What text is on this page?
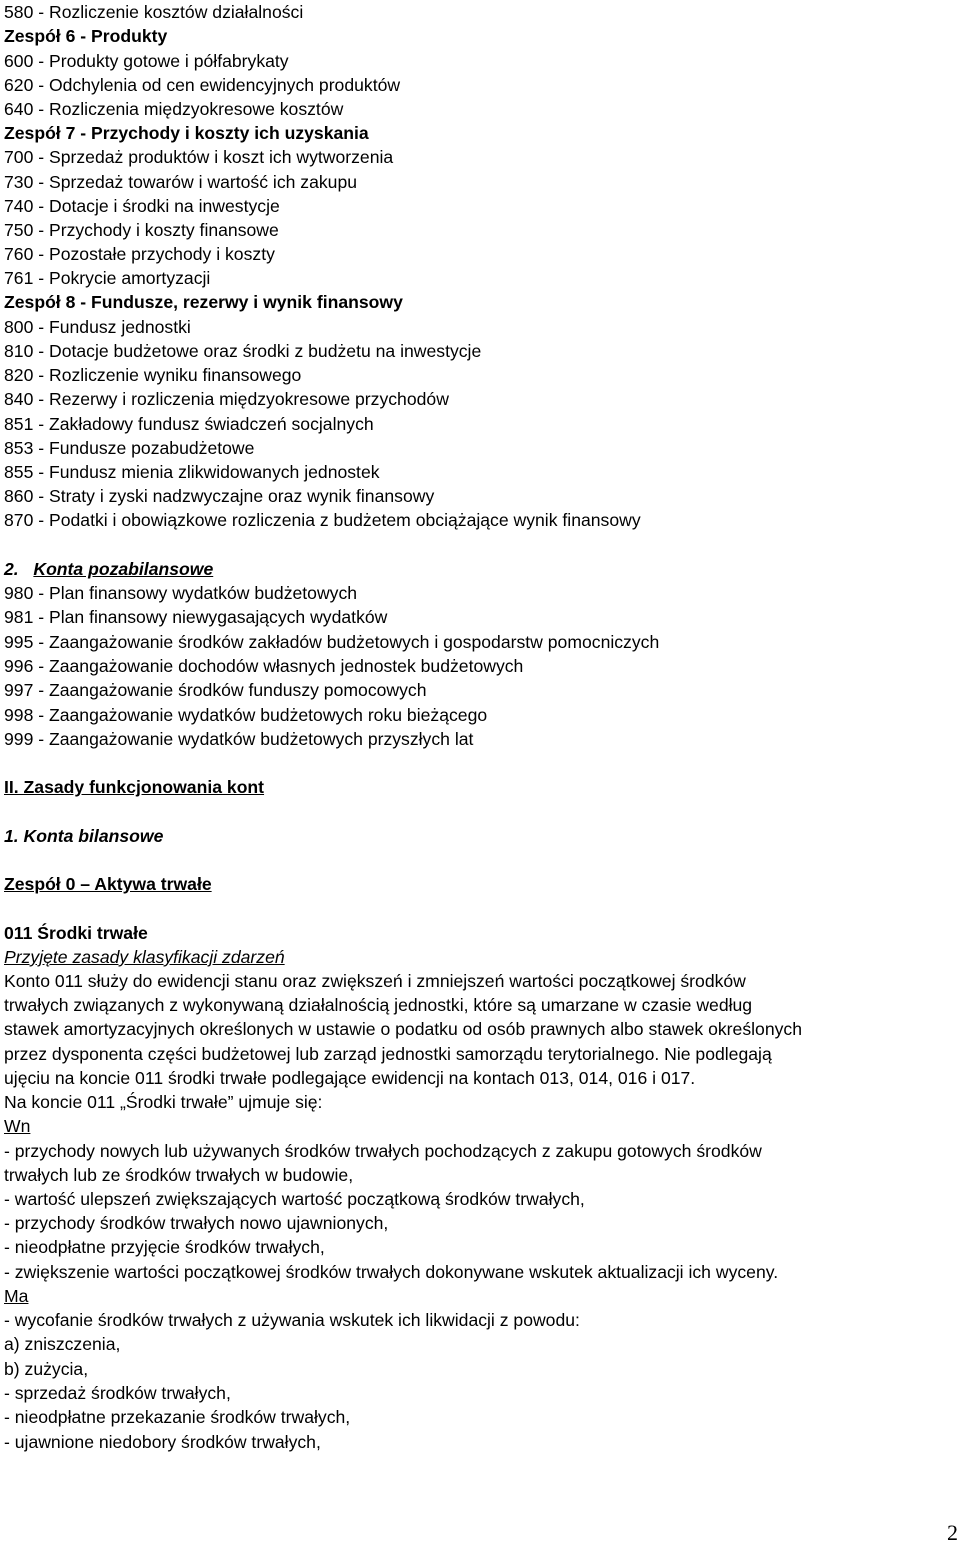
580 - Rozliczenie kosztów działalności
Zespół 6 - Produkty
600 - Produkty gotowe i półfabrykaty
620 - Odchylenia od cen ewidencyjnych produktów
640 - Rozliczenia międzyokresowe kosztów
Zespół 7 - Przychody i koszty ich uzyskania
700 - Sprzedaż produktów i koszt ich wytworzenia
730 - Sprzedaż towarów i wartość ich zakupu
740 - Dotacje i środki na inwestycje
750 - Przychody i koszty finansowe
760 - Pozostałe przychody i koszty
761 - Pokrycie amortyzacji
Zespół 8 - Fundusze, rezerwy i wynik finansowy
800 - Fundusz jednostki
810 - Dotacje budżetowe oraz środki z budżetu na inwestycje
820 - Rozliczenie wyniku finansowego
840 - Rezerwy i rozliczenia międzyokresowe przychodów
851 - Zakładowy fundusz świadczeń socjalnych
853 - Fundusze pozabudżetowe
855 - Fundusz mienia zlikwidowanych jednostek
860 - Straty i zyski nadzwyczajne oraz wynik finansowy
870 - Podatki i obowiązkowe rozliczenia z budżetem obciążające wynik finansowy
2. Konta pozabilansowe
980 - Plan finansowy wydatków budżetowych
981 - Plan finansowy niewygasających wydatków
995 - Zaangażowanie środków zakładów budżetowych i gospodarstw pomocniczych
996 - Zaangażowanie dochodów własnych jednostek budżetowych
997 - Zaangażowanie środków funduszy pomocowych
998 - Zaangażowanie wydatków budżetowych roku bieżącego
999 - Zaangażowanie wydatków budżetowych przyszłych lat
II. Zasady funkcjonowania kont
1. Konta bilansowe
Zespół 0 – Aktywa trwałe
011 Środki trwałe
Przyjęte zasady klasyfikacji zdarzeń
Konto 011 służy do ewidencji stanu oraz zwiększeń i zmniejszeń wartości początkowej środków
trwałych związanych z wykonywaną działalnością jednostki, które są umarzane w czasie według
stawek amortyzacyjnych określonych w ustawie o podatku od osób prawnych albo stawek określonych
przez dysponenta części budżetowej lub zarząd jednostki samorządu terytorialnego. Nie podlegają
ujęciu na koncie 011 środki trwałe podlegające ewidencji na kontach 013, 014, 016 i 017.
Na koncie 011 „Środki trwałe” ujmuje się:
Wn
- przychody nowych lub używanych środków trwałych pochodzących z zakupu gotowych środków
trwałych lub ze środków trwałych w budowie,
- wartość ulepszeń zwiększających wartość początkową środków trwałych,
- przychody środków trwałych nowo ujawnionych,
- nieodpłatne przyjęcie środków trwałych,
- zwiększenie wartości początkowej środków trwałych dokonywane wskutek aktualizacji ich wyceny.
Ma
- wycofanie środków trwałych z używania wskutek ich likwidacji z powodu:
a) zniszczenia,
b) zużycia,
- sprzedaż środków trwałych,
- nieodpłatne przekazanie środków trwałych,
- ujawnione niedobory środków trwałych,
2
